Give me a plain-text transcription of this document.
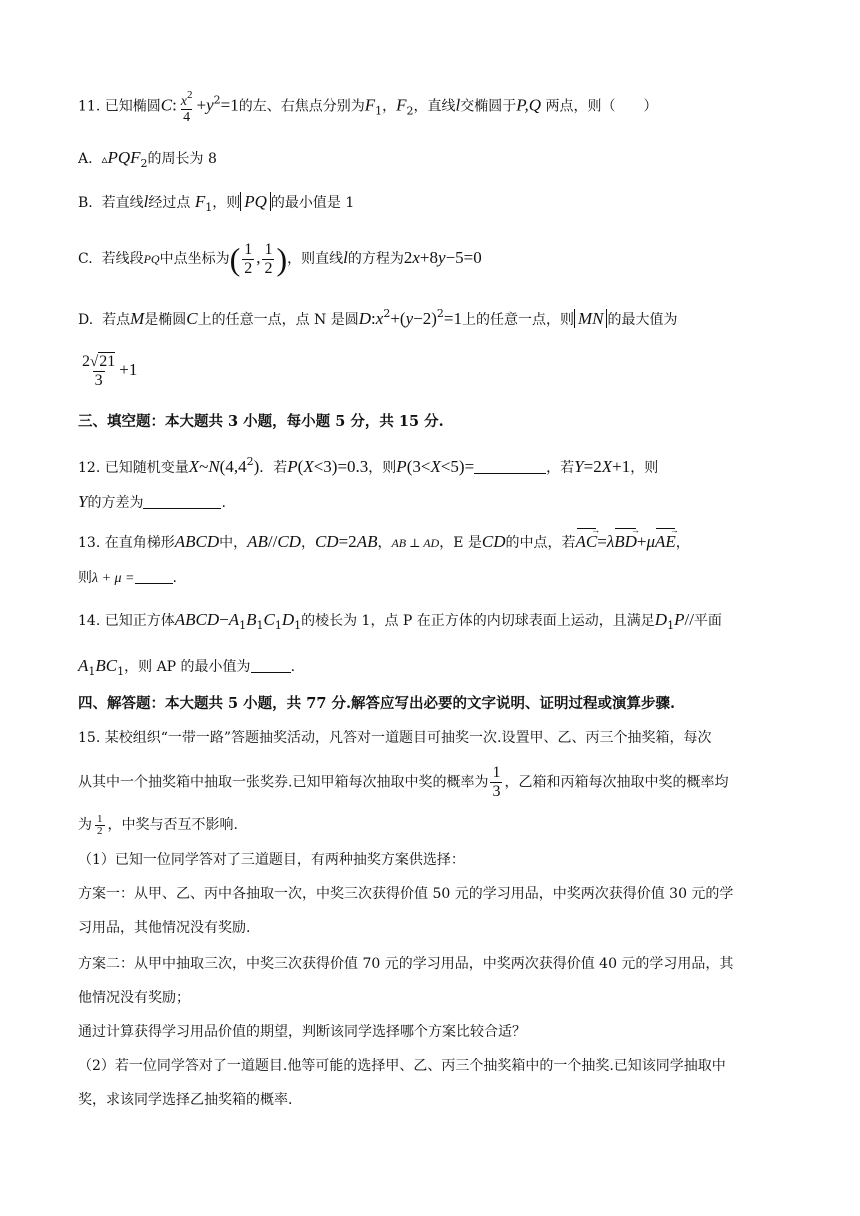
11. 已知椭圆C: $\frac{x^2}{4} +y^2=1$的左、右焦点分别为$F_1$，$F_2$，直线l交椭圆于P,Q 两点，则（　　）
A. $▵PQF_2$的周长为 8
B. 若直线l经过点 $F_1$，则 PQ 的最小值是 1
C. 若线段PQ中点坐标为( $\frac{1}{2}$ , $\frac{1}{2}$ )，则直线l的方程为2x+8y−5=0
D. 若点M是椭圆C上的任意一点，点 N 是圆$D:x^2+(y-2)^2=1$上的任意一点，则 MN 的最大值为
$\frac{2√21}{3} +1$
三、填空题：本大题共 3 小题，每小题 5 分，共 15 分.
12. 已知随机变量$X\sim N(4,4^2)$．若P(X<3)=0.3，则P(3<X<5)=	，若Y=2X+1，则
Y的方差为	.
13. 在直角梯形ABCD中，AB//CD，CD=2AB，AB ⊥ AD，E 是CD的中点，若AC →=λBD →+μAE →，
则λ + μ =	.
14. 已知正方体$ABCD-A_1B_1C_1D_1$的棱长为 1，点 P 在正方体的内切球表面上运动，且满足$D_1P//$平面
$A_1BC_1$，则 AP 的最小值为	.
四、解答题：本大题共 5 小题，共 77 分.解答应写出必要的文字说明、证明过程或演算步骤.
15. 某校组织“一带一路”答题抽奖活动，凡答对一道题目可抽奖一次.设置甲、乙、丙三个抽奖箱，每次
从其中一个抽奖箱中抽取一张奖券.已知甲箱每次抽取中奖的概率为 $\frac{1}{3}$ ，乙箱和丙箱每次抽取中奖的概率均
为 $\frac{1}{2}$ ，中奖与否互不影响.
（1）已知一位同学答对了三道题目，有两种抽奖方案供选择：
方案一：从甲、乙、丙中各抽取一次，中奖三次获得价值 50 元的学习用品，中奖两次获得价值 30 元的学
习用品，其他情况没有奖励.
方案二：从甲中抽取三次，中奖三次获得价值 70 元的学习用品，中奖两次获得价值 40 元的学习用品，其
他情况没有奖励；
通过计算获得学习用品价值的期望，判断该同学选择哪个方案比较合适？
（2）若一位同学答对了一道题目.他等可能的选择甲、乙、丙三个抽奖箱中的一个抽奖.已知该同学抽取中
奖，求该同学选择乙抽奖箱的概率.
